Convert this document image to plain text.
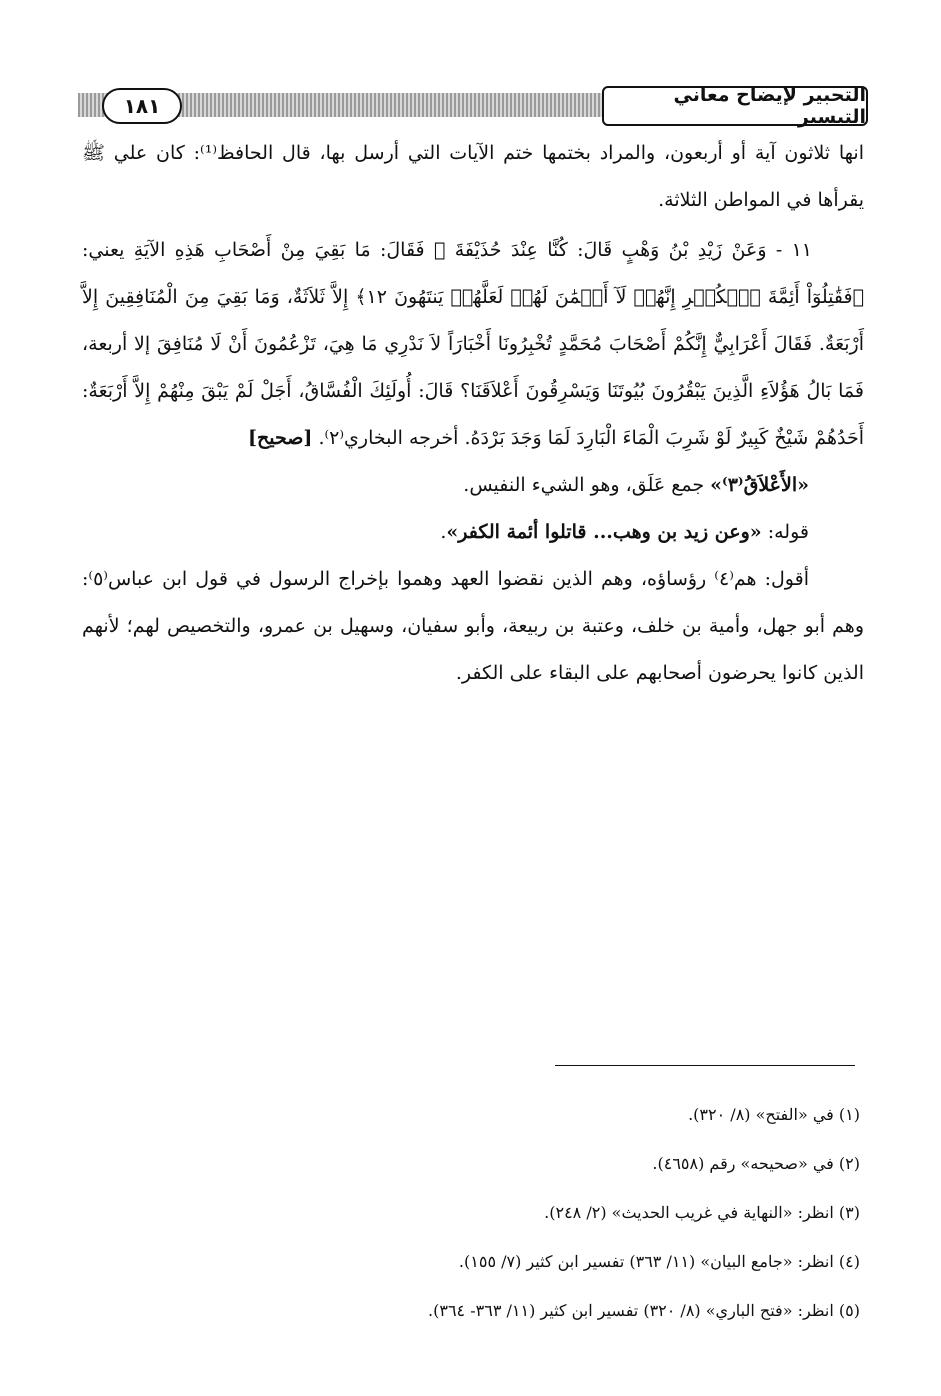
١٨١	التحبير لإيضاح معاني التيسير

انها ثلاثون آية أو أربعون، والمراد بختمها ختم الآيات التي أرسل بها، قال الحافظ⁽¹⁾: كان علي ﷺ يقرأها في المواطن الثلاثة.

١١ - وَعَنْ زَيْدِ بْنُ وَهْبٍ قَالَ: كُنَّا عِنْدَ حُذَيْفَةَ ﷺ فَقَالَ: مَا بَقِيَ مِنْ أَصْحَابِ هَذِهِ الآيَةِ يعني: ﴿فَقَٰتِلُوٓاْ أَئِمَّةَ ٱلۡكُفۡرِ إِنَّهُمۡ لَآ أَيۡمَٰنَ لَهُمۡ لَعَلَّهُمۡ يَنتَهُونَ ١٢﴾ إِلاَّ ثَلاَثَةٌ، وَمَا بَقِيَ مِنَ الْمُنَافِقِينَ إِلاَّ أَرْبَعَةٌ. فَقَالَ أَعْرَابِيٌّ إِنَّكُمْ أَصْحَابَ مُحَمَّدٍ تُخْبِرُونَا أَخْبَارَاً لاَ نَدْرِي مَا هِيَ، تَزْعُمُونَ أَنْ لَا مُنَافِقَ إلا أربعة، فَمَا بَالُ هَؤُلاَءِ الَّذِينَ يَبْقُرُونَ بُيُوتَنَا وَيَسْرِقُونَ أَعْلاَقَنَا؟ قَالَ: أُولَئِكَ الْفُسَّاقُ، أَجَلْ لَمْ يَبْقَ مِنْهُمْ إِلاَّ أَرْبَعَةٌ: أَحَدُهُمْ شَيْخٌ كَبِيرٌ لَوْ شَرِبَ الْمَاءَ الْبَارِدَ لَمَا وَجَدَ بَرْدَهُ. أخرجه البخاري⁽٢⁾. [صحيح]

«الأَعْلاَقُ⁽٣⁾» جمع عَلَق، وهو الشيء النفيس.

قوله: «وعن زيد بن وهب... قاتلوا أئمة الكفر».

أقول: هم⁽٤⁾ رؤساؤه، وهم الذين نقضوا العهد وهموا بإخراج الرسول في قول ابن عباس⁽٥⁾: وهم أبو جهل، وأمية بن خلف، وعتبة بن ربيعة، وأبو سفيان، وسهيل بن عمرو، والتخصيص لهم؛ لأنهم الذين كانوا يحرضون أصحابهم على البقاء على الكفر.

(١) في «الفتح» (٨/ ٣٢٠).

(٢) في «صحيحه» رقم (٤٦٥٨).

(٣) انظر: «النهاية في غريب الحديث» (٢/ ٢٤٨).

(٤) انظر: «جامع البيان» (١١/ ٣٦٣) تفسير ابن كثير (٧/ ١٥٥).

(٥) انظر: «فتح الباري» (٨/ ٣٢٠) تفسير ابن كثير (١١/ ٣٦٣- ٣٦٤).
